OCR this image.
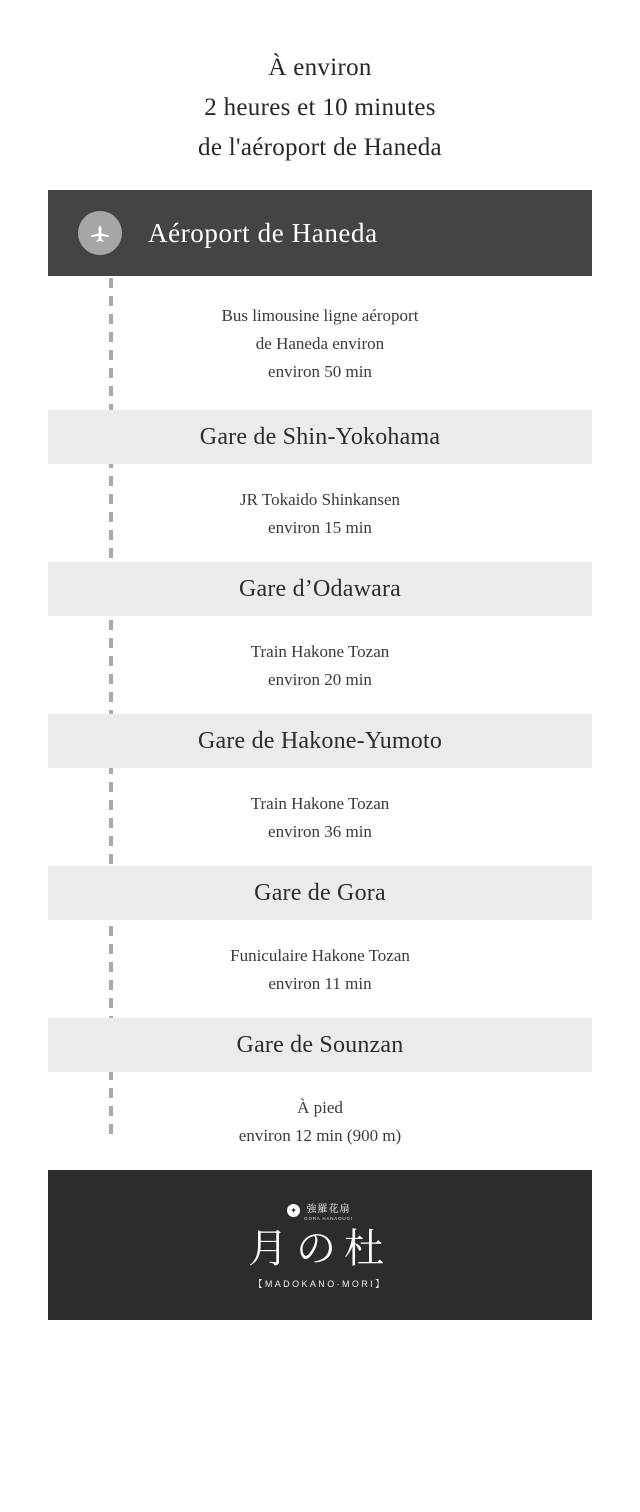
À environ
2 heures et 10 minutes
de l'aéroport de Haneda
Aéroport de Haneda
Bus limousine ligne aéroport
de Haneda environ
environ 50 min
Gare de Shin-Yokohama
JR Tokaido Shinkansen
environ 15 min
Gare d’Odawara
Train Hakone Tozan
environ 20 min
Gare de Hakone-Yumoto
Train Hakone Tozan
environ 36 min
Gare de Gora
Funiculaire Hakone Tozan
environ 11 min
Gare de Sounzan
À pied
environ 12 min (900 m)
✦ 強羅花扇
GORA HANAOUGI
月の杜
【MADOKANO·MORI】
